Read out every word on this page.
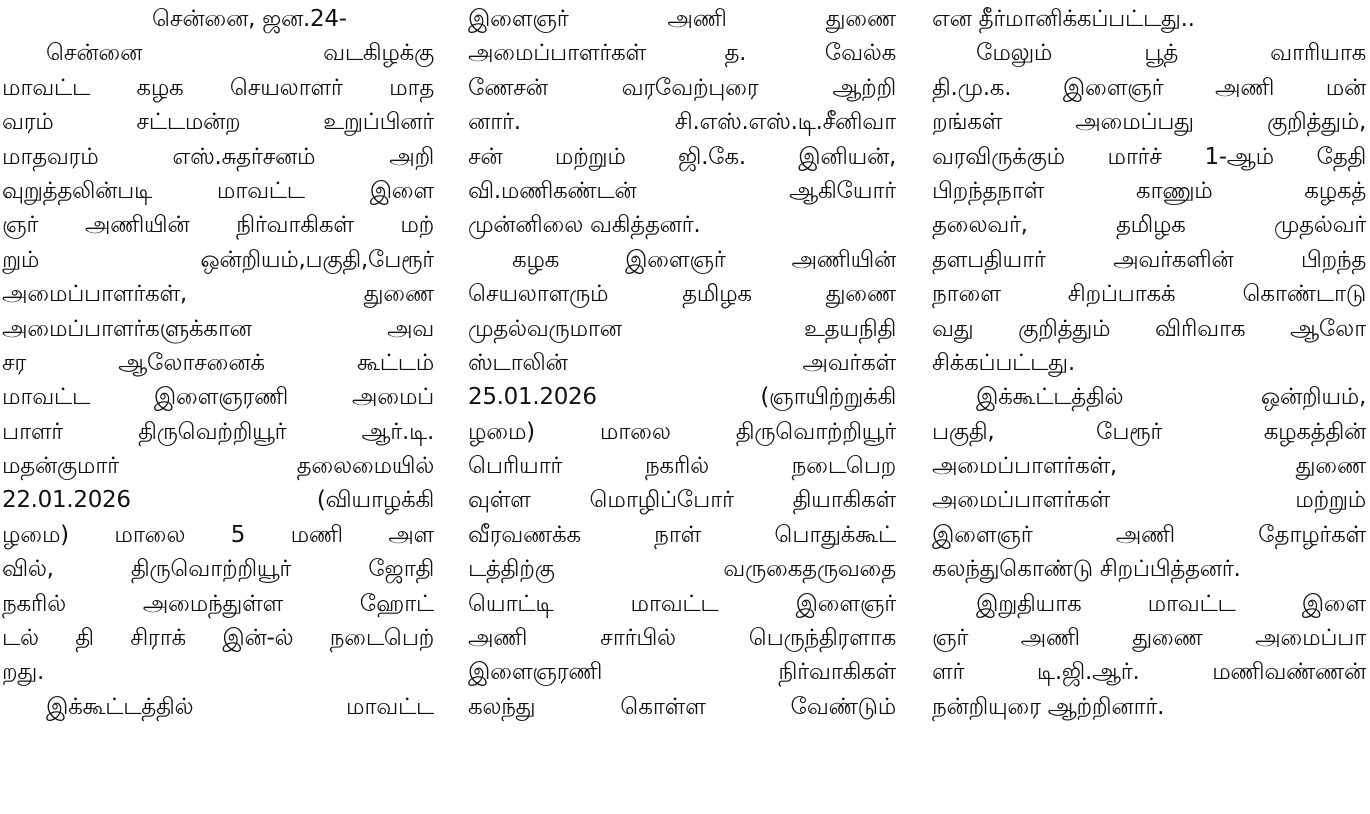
சென்னை, ஜன.24-
சென்னை வடகிழக்கு
மாவட்ட கழக செயலாளர் மாத
வரம் சட்டமன்ற உறுப்பினர்
மாதவரம் எஸ்.சுதர்சனம் அறி
வுறுத்தலின்படி மாவட்ட இளை
ஞர் அணியின் நிர்வாகிகள் மற்
றும் ஒன்றியம்,பகுதி,பேரூர்
அமைப்பாளர்கள், துணை
அமைப்பாளர்களுக்கான அவ
சர ஆலோசனைக் கூட்டம்
மாவட்ட இளைஞரணி அமைப்
பாளர் திருவெற்றியூர் ஆர்.டி.
மதன்குமார் தலைமையில்
22.01.2026 (வியாழக்கி
ழமை) மாலை 5 மணி அள
வில், திருவொற்றியூர் ஜோதி
நகரில் அமைந்துள்ள ஹோட்
டல் தி சிராக் இன்-ல் நடைபெற்
றது.
இக்கூட்டத்தில் மாவட்ட
இளைஞர் அணி துணை
அமைப்பாளர்கள் த. வேல்க
ணேசன் வரவேற்புரை ஆற்றி
னார். சி.எஸ்.எஸ்.டி.சீனிவா
சன் மற்றும் ஜி.கே. இனியன்,
வி.மணிகண்டன் ஆகியோர்
முன்னிலை வகித்தனர்.
கழக இளைஞர் அணியின்
செயலாளரும் தமிழக துணை
முதல்வருமான உதயநிதி
ஸ்டாலின் அவர்கள்
25.01.2026 (ஞாயிற்றுக்கி
ழமை) மாலை திருவொற்றியூர்
பெரியார் நகரில் நடைபெற
வுள்ள மொழிப்போர் தியாகிகள்
வீரவணக்க நாள் பொதுக்கூட்
டத்திற்கு வருகைதருவதை
யொட்டி மாவட்ட இளைஞர்
அணி சார்பில் பெருந்திரளாக
இளைஞரணி நிர்வாகிகள்
கலந்து கொள்ள வேண்டும்
என தீர்மானிக்கப்பட்டது..
மேலும் பூத் வாரியாக
தி.மு.க. இளைஞர் அணி மன்
றங்கள் அமைப்பது குறித்தும்,
வரவிருக்கும் மார்ச் 1-ஆம் தேதி
பிறந்தநாள் காணும் கழகத்
தலைவர், தமிழக முதல்வர்
தளபதியார் அவர்களின் பிறந்த
நாளை சிறப்பாகக் கொண்டாடு
வது குறித்தும் விரிவாக ஆலோ
சிக்கப்பட்டது.
இக்கூட்டத்தில் ஒன்றியம்,
பகுதி, பேரூர் கழகத்தின்
அமைப்பாளர்கள், துணை
அமைப்பாளர்கள் மற்றும்
இளைஞர் அணி தோழர்கள்
கலந்துகொண்டு சிறப்பித்தனர்.
இறுதியாக மாவட்ட இளை
ஞர் அணி துணை அமைப்பா
ளர் டி.ஜி.ஆர். மணிவண்ணன்
நன்றியுரை ஆற்றினார்.
